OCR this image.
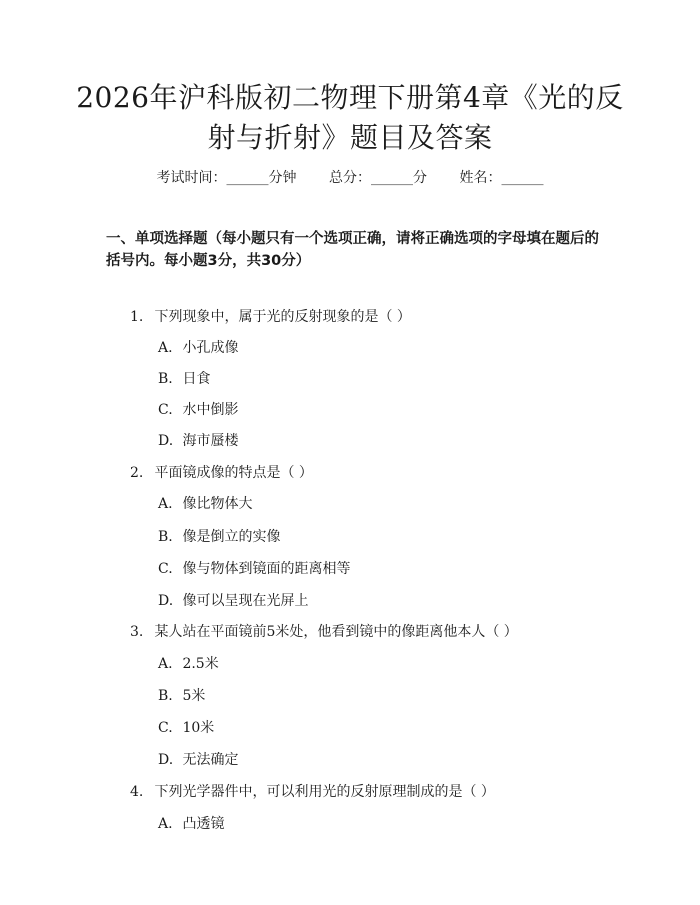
2026年沪科版初二物理下册第4章《光的反射与折射》题目及答案
考试时间：______分钟 总分：______分 姓名：______
一、单项选择题（每小题只有一个选项正确，请将正确选项的字母填在题后的括号内。每小题3分，共30分）
1. 下列现象中，属于光的反射现象的是（ ）
A. 小孔成像
B. 日食
C. 水中倒影
D. 海市蜃楼
2. 平面镜成像的特点是（ ）
A. 像比物体大
B. 像是倒立的实像
C. 像与物体到镜面的距离相等
D. 像可以呈现在光屏上
3. 某人站在平面镜前5米处，他看到镜中的像距离他本人（ ）
A. 2.5米
B. 5米
C. 10米
D. 无法确定
4. 下列光学器件中，可以利用光的反射原理制成的是（ ）
A. 凸透镜
